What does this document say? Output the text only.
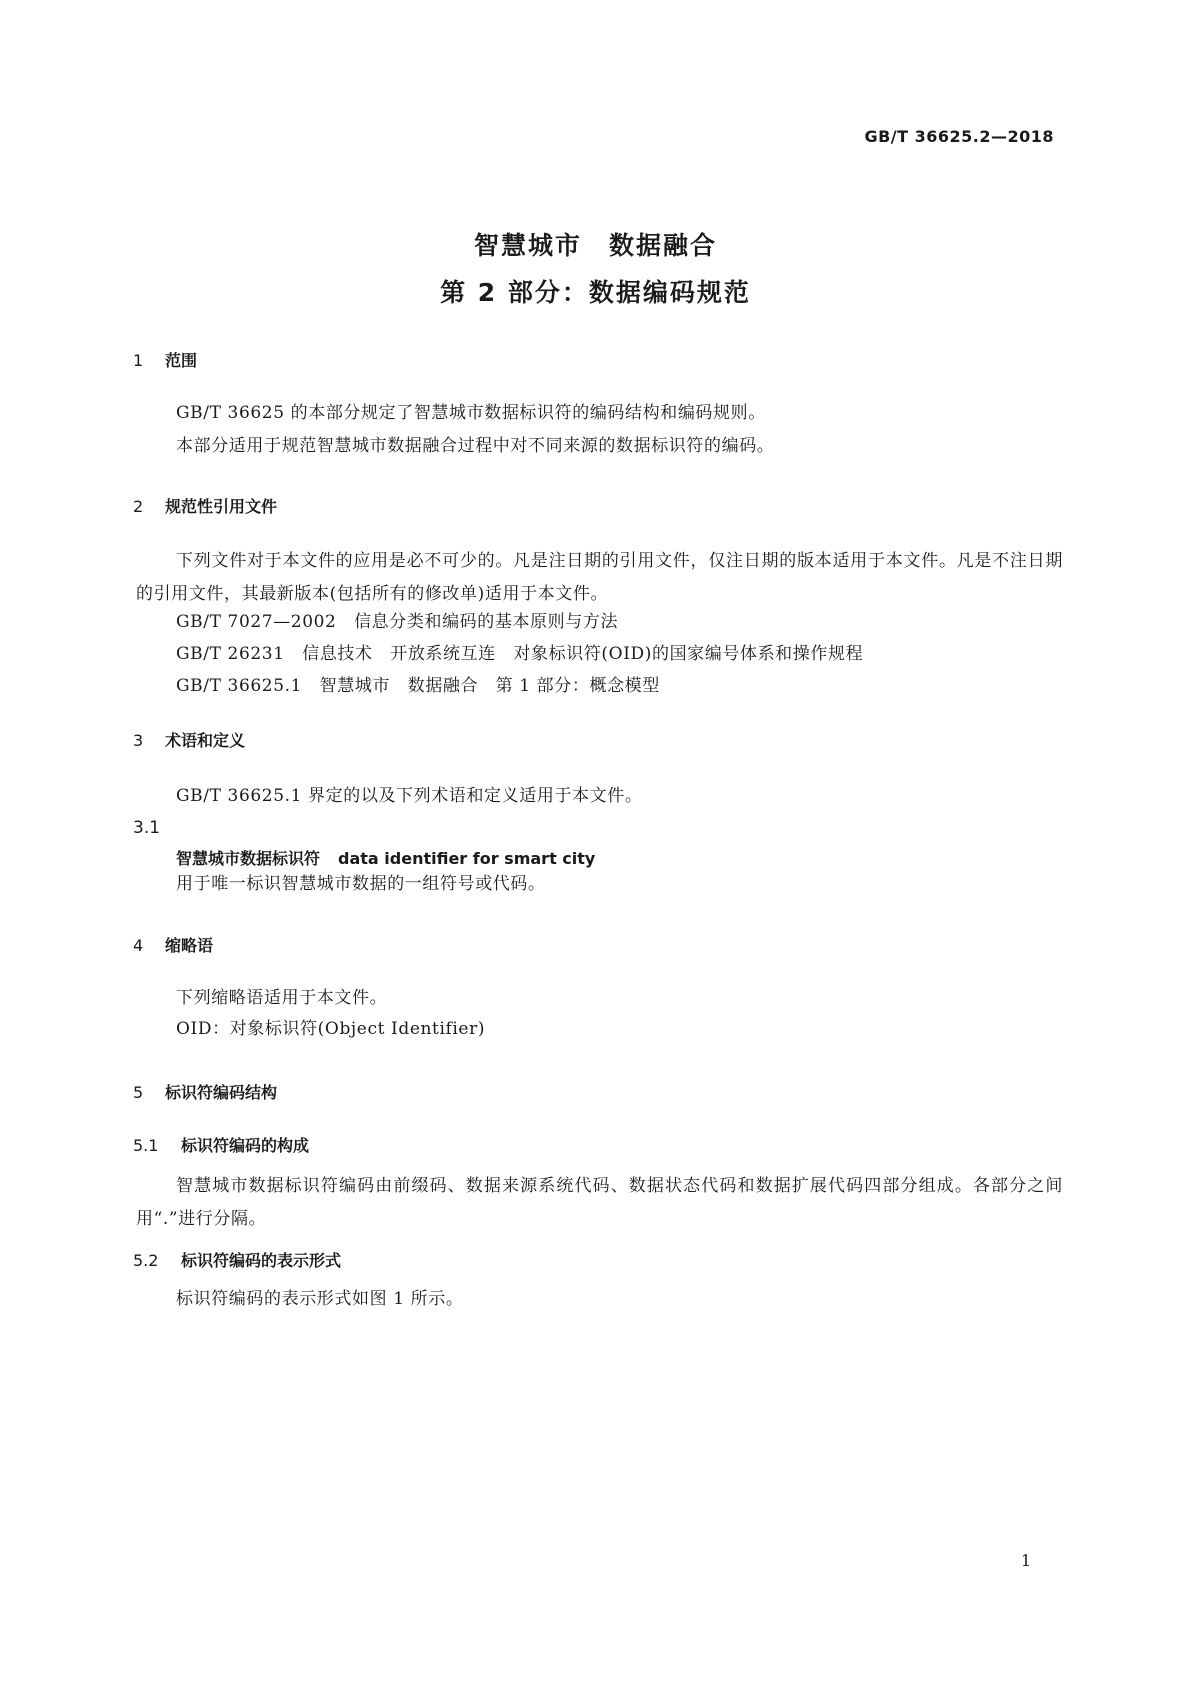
GB/T 36625.2—2018
智慧城市　数据融合
第 2 部分：数据编码规范
1 范围
GB/T 36625 的本部分规定了智慧城市数据标识符的编码结构和编码规则。
本部分适用于规范智慧城市数据融合过程中对不同来源的数据标识符的编码。
2 规范性引用文件
下列文件对于本文件的应用是必不可少的。凡是注日期的引用文件，仅注日期的版本适用于本文件。凡是不注日期的引用文件，其最新版本(包括所有的修改单)适用于本文件。
GB/T 7027—2002　信息分类和编码的基本原则与方法
GB/T 26231　信息技术　开放系统互连　对象标识符(OID)的国家编号体系和操作规程
GB/T 36625.1　智慧城市　数据融合　第 1 部分：概念模型
3 术语和定义
GB/T 36625.1 界定的以及下列术语和定义适用于本文件。
3.1
智慧城市数据标识符 data identifier for smart city
用于唯一标识智慧城市数据的一组符号或代码。
4 缩略语
下列缩略语适用于本文件。
OID：对象标识符(Object Identifier)
5 标识符编码结构
5.1 标识符编码的构成
智慧城市数据标识符编码由前缀码、数据来源系统代码、数据状态代码和数据扩展代码四部分组成。各部分之间用“.”进行分隔。
5.2 标识符编码的表示形式
标识符编码的表示形式如图 1 所示。
1
